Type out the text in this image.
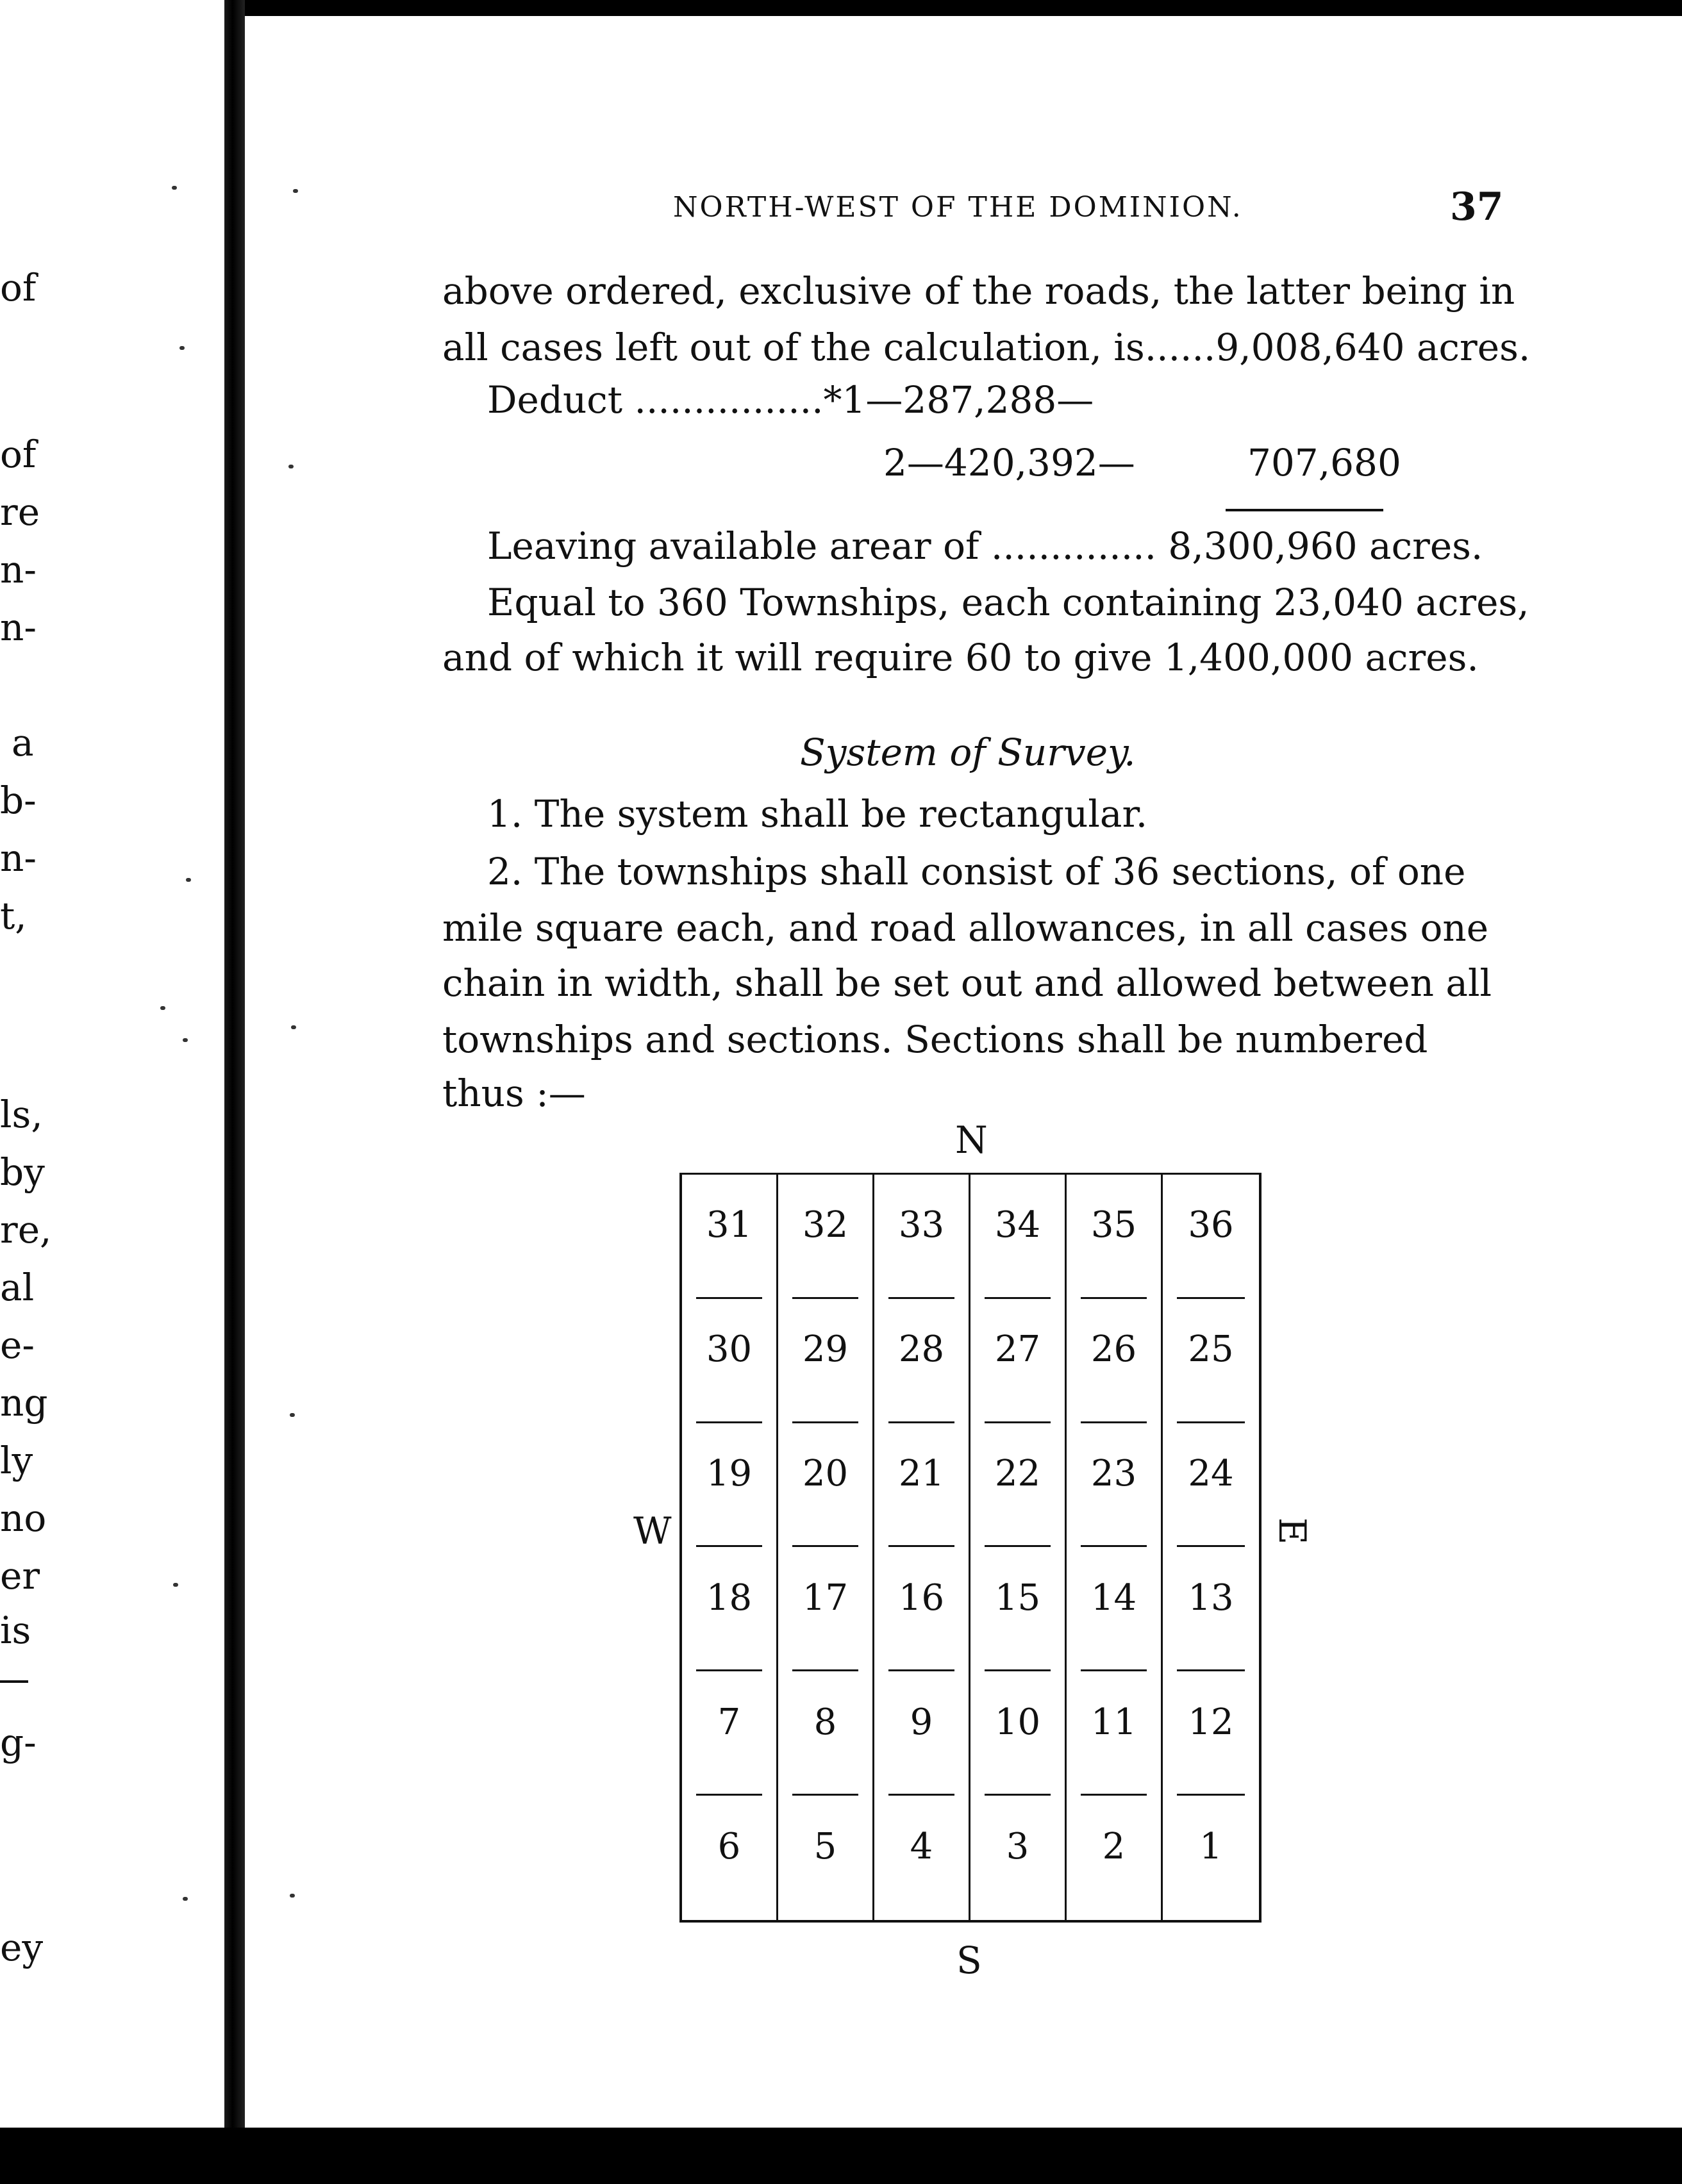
of
of
re
n-
n-
a
b-
n-
t,
ls,
by
re,
al
e-
ng
ly
no
er
is
g-
ey
NORTH-WEST OF THE DOMINION.	37
above ordered, exclusive of the roads, the latter being in
all cases left out of the calculation, is......9,008,640 acres.
Deduct ................*1—287,288—
2—420,392—	707,680
Leaving available arear of .............. 8,300,960 acres.
Equal to 360 Townships, each containing 23,040 acres,
and of which it will require 60 to give 1,400,000 acres.
System of Survey.
1. The system shall be rectangular.
2. The townships shall consist of 36 sections, of one
mile square each, and road allowances, in all cases one
chain in width, shall be set out and allowed between all
townships and sections. Sections shall be numbered
thus :—
N
S
W	E
31 32 33 34 35 36
30 29 28 27 26 25
19 20 21 22 23 24
18 17 16 15 14 13
7 8 9 10 11 12
6 5 4 3 2 1
